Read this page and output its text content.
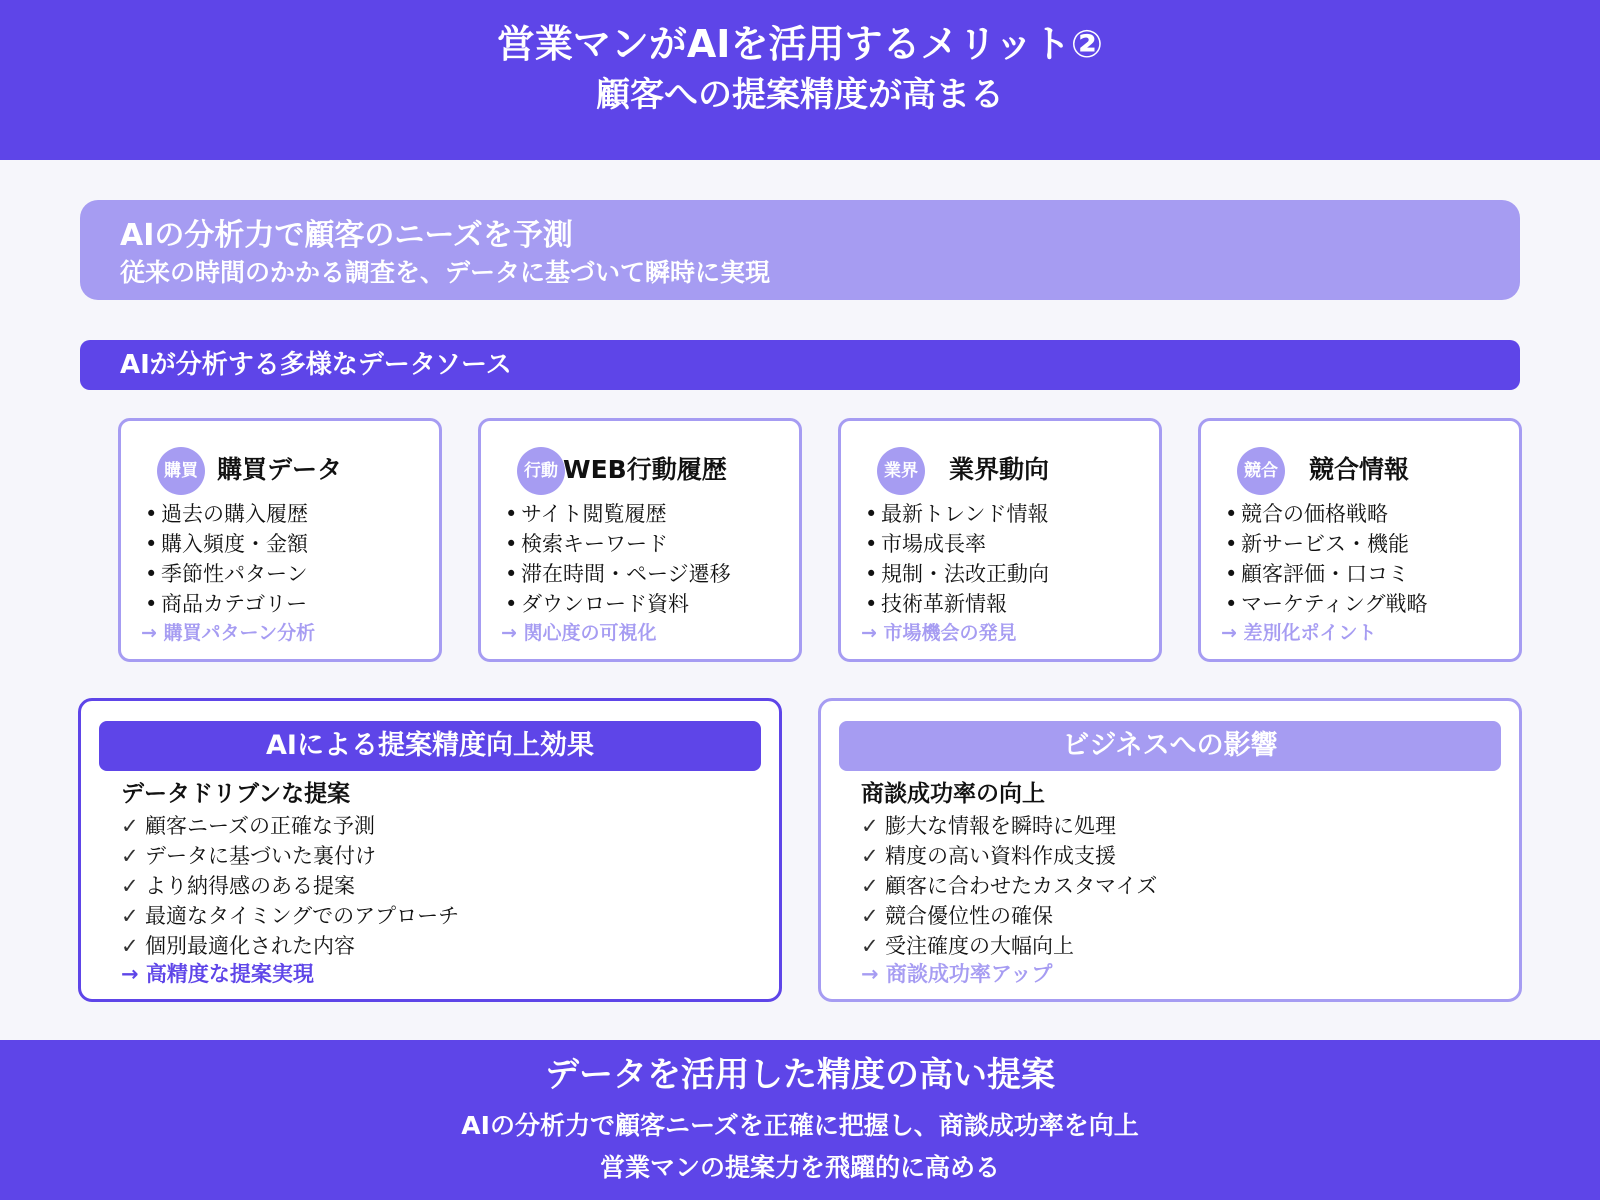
営業マンがAIを活用するメリット②
顧客への提案精度が高まる
AIの分析力で顧客のニーズを予測
従来の時間のかかる調査を、データに基づいて瞬時に実現
AIが分析する多様なデータソース
購買 購買データ
• 過去の購入履歴
• 購入頻度・金額
• 季節性パターン
• 商品カテゴリー
→ 購買パターン分析
行動 WEB行動履歴
• サイト閲覧履歴
• 検索キーワード
• 滞在時間・ページ遷移
• ダウンロード資料
→ 関心度の可視化
業界 業界動向
• 最新トレンド情報
• 市場成長率
• 規制・法改正動向
• 技術革新情報
→ 市場機会の発見
競合 競合情報
• 競合の価格戦略
• 新サービス・機能
• 顧客評価・口コミ
• マーケティング戦略
→ 差別化ポイント
AIによる提案精度向上効果
データドリブンな提案
✓ 顧客ニーズの正確な予測
✓ データに基づいた裏付け
✓ より納得感のある提案
✓ 最適なタイミングでのアプローチ
✓ 個別最適化された内容
→ 高精度な提案実現
ビジネスへの影響
商談成功率の向上
✓ 膨大な情報を瞬時に処理
✓ 精度の高い資料作成支援
✓ 顧客に合わせたカスタマイズ
✓ 競合優位性の確保
✓ 受注確度の大幅向上
→ 商談成功率アップ
データを活用した精度の高い提案
AIの分析力で顧客ニーズを正確に把握し、商談成功率を向上
営業マンの提案力を飛躍的に高める
